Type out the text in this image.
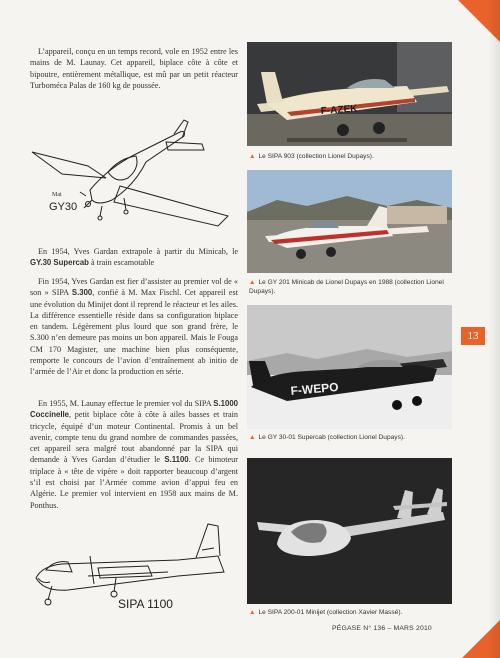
L’appareil, conçu en un temps record, vole en 1952 entre les mains de M. Launay. Cet appareil, biplace côte à côte et bipoutre, entièrement métallique, est mû par un petit réacteur Turboméca Palas de 160 kg de poussée.

Mat
GY30

En 1954, Yves Gardan extrapole à partir du Minicab, le GY.30 Supercab à train escamotable

Fin 1954, Yves Gardan est fier d’assister au premier vol de « son » SIPA S.300, confié à M. Max Fischl. Cet appareil est une évolution du Minijet dont il reprend le réacteur et les ailes. La différence essentielle réside dans sa configuration biplace en tandem. Légèrement plus lourd que son grand frère, le S.300 n’en demeure pas moins un bon appareil. Mais le Fouga CM 170 Magister, une machine bien plus conséquente, remporte le concours de l’avion d’entraînement ab initio de l’armée de l’Air et donc la production en série.

En 1955, M. Launay effectue le premier vol du SIPA S.1000 Coccinelle, petit biplace côte à côte à ailes basses et train tricycle, équipé d’un moteur Continental. Promis à un bel avenir, compte tenu du grand nombre de commandes passées, cet appareil sera malgré tout abandonné par la SIPA qui demande à Yves Gardan d’étudier le S.1100. Ce bimoteur triplace à « tête de vipère » doit rapporter beaucoup d’argent s’il est choisi par l’Armée comme avion d’appui feu en Algérie. Le premier vol intervient en 1958 aux mains de M. Ponthus.

SIPA 1100
F-AZEK
▲ Le SIPA 903 (collection Lionel Dupays).
▲ Le GY 201 Minicab de Lionel Dupays en 1988 (collection Lionel Dupays).
F-WEPO
▲ Le GY 30-01 Supercab (collection Lionel Dupays).
▲ Le SIPA 200-01 Minijet (collection Xavier Massé).
13
PÉGASE N° 136 – MARS 2010
